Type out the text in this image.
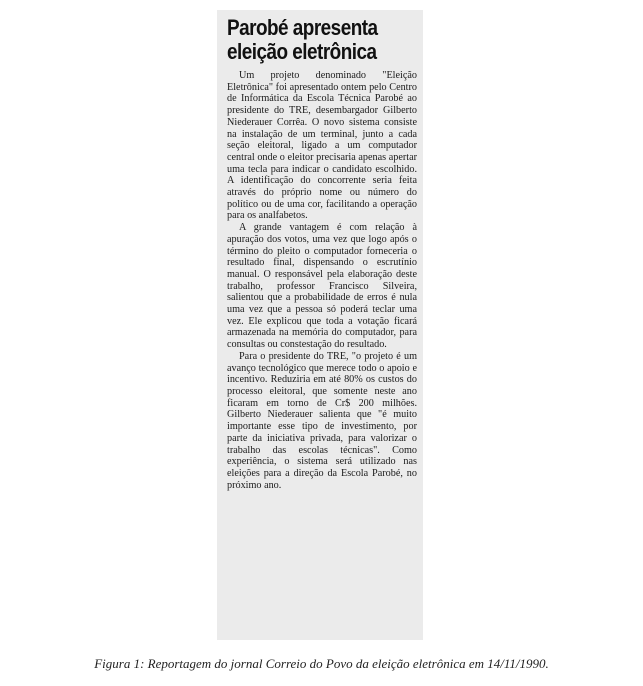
Parobé apresenta
eleição eletrônica

Um projeto denominado "Eleição Eletrônica" foi apresentado ontem pelo Centro de Informática da Escola Técnica Parobé ao presidente do TRE, desembargador Gilberto Niederauer Corrêa. O novo sistema consiste na instalação de um terminal, junto a cada seção eleitoral, ligado a um computador central onde o eleitor precisaria apenas apertar uma tecla para indicar o candidato escolhido. A identificação do concorrente seria feita através do próprio nome ou número do político ou de uma cor, facilitando a operação para os analfabetos.

A grande vantagem é com relação à apuração dos votos, uma vez que logo após o término do pleito o computador forneceria o resultado final, dispensando o escrutínio manual. O responsável pela elaboração deste trabalho, professor Francisco Silveira, salientou que a probabilidade de erros é nula uma vez que a pessoa só poderá teclar uma vez. Ele explicou que toda a votação ficará armazenada na memória do computador, para consultas ou constestação do resultado.

Para o presidente do TRE, "o projeto é um avanço tecnológico que merece todo o apoio e incentivo. Reduziria em até 80% os custos do processo eleitoral, que somente neste ano ficaram em torno de Cr$ 200 milhões. Gilberto Niederauer salienta que "é muito importante esse tipo de investimento, por parte da iniciativa privada, para valorizar o trabalho das escolas técnicas". Como experiência, o sistema será utilizado nas eleições para a direção da Escola Parobé, no próximo ano.

Figura 1: Reportagem do jornal Correio do Povo da eleição eletrônica em 14/11/1990.
